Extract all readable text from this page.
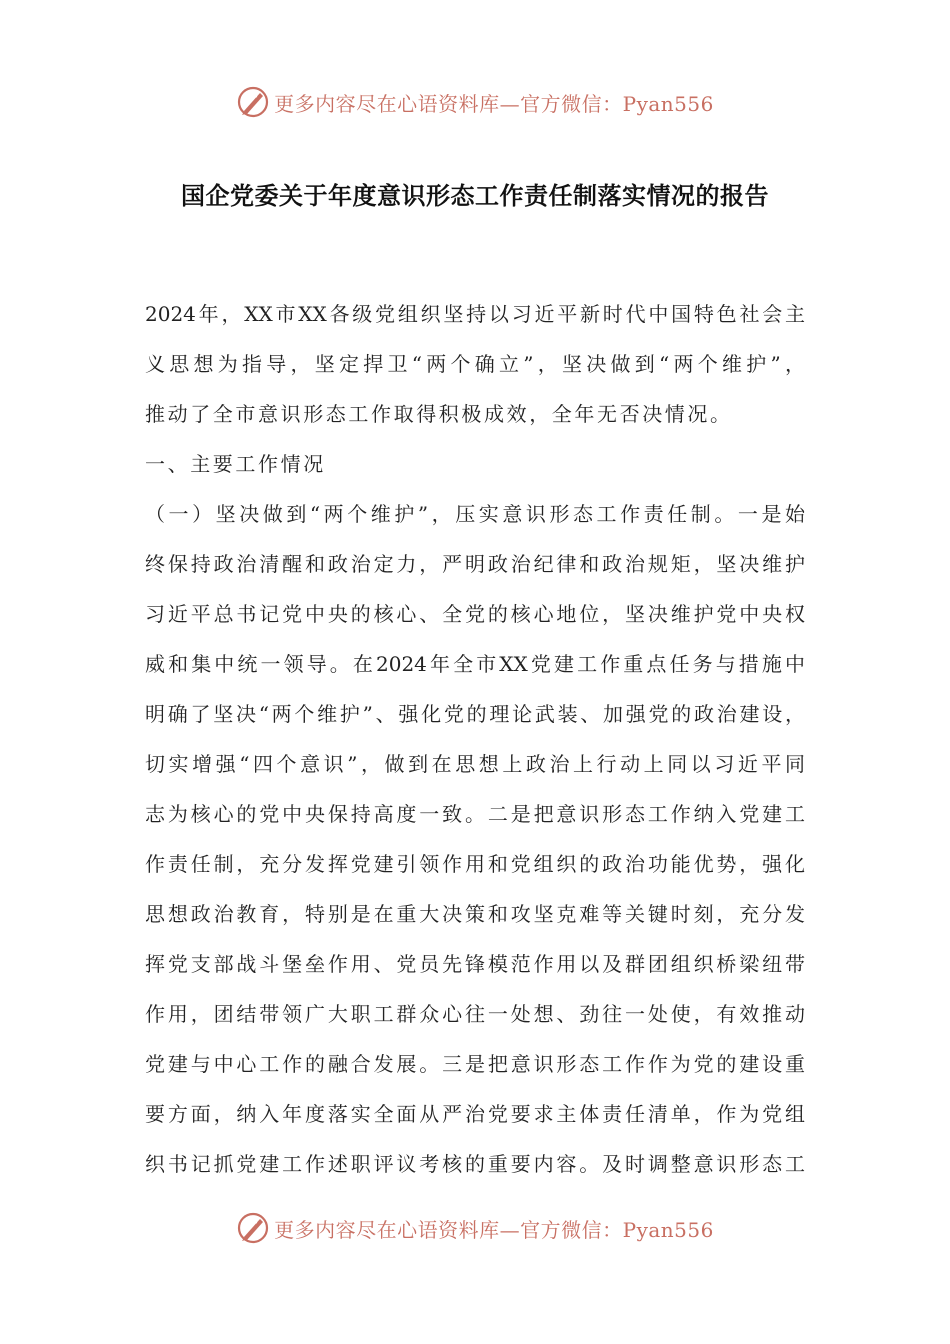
更多内容尽在心语资料库—官方微信：Pyan556
国企党委关于年度意识形态工作责任制落实情况的报告
2024年，XX市XX各级党组织坚持以习近平新时代中国特色社会主
义思想为指导，坚定捍卫“两个确立”，坚决做到“两个维护”，
推动了全市意识形态工作取得积极成效，全年无否决情况。
一、主要工作情况
（一）坚决做到“两个维护”，压实意识形态工作责任制。一是始
终保持政治清醒和政治定力，严明政治纪律和政治规矩，坚决维护
习近平总书记党中央的核心、全党的核心地位，坚决维护党中央权
威和集中统一领导。在2024年全市XX党建工作重点任务与措施中
明确了坚决“两个维护”、强化党的理论武装、加强党的政治建设，
切实增强“四个意识”，做到在思想上政治上行动上同以习近平同
志为核心的党中央保持高度一致。二是把意识形态工作纳入党建工
作责任制，充分发挥党建引领作用和党组织的政治功能优势，强化
思想政治教育，特别是在重大决策和攻坚克难等关键时刻，充分发
挥党支部战斗堡垒作用、党员先锋模范作用以及群团组织桥梁纽带
作用，团结带领广大职工群众心往一处想、劲往一处使，有效推动
党建与中心工作的融合发展。三是把意识形态工作作为党的建设重
要方面，纳入年度落实全面从严治党要求主体责任清单，作为党组
织书记抓党建工作述职评议考核的重要内容。及时调整意识形态工
更多内容尽在心语资料库—官方微信：Pyan556
